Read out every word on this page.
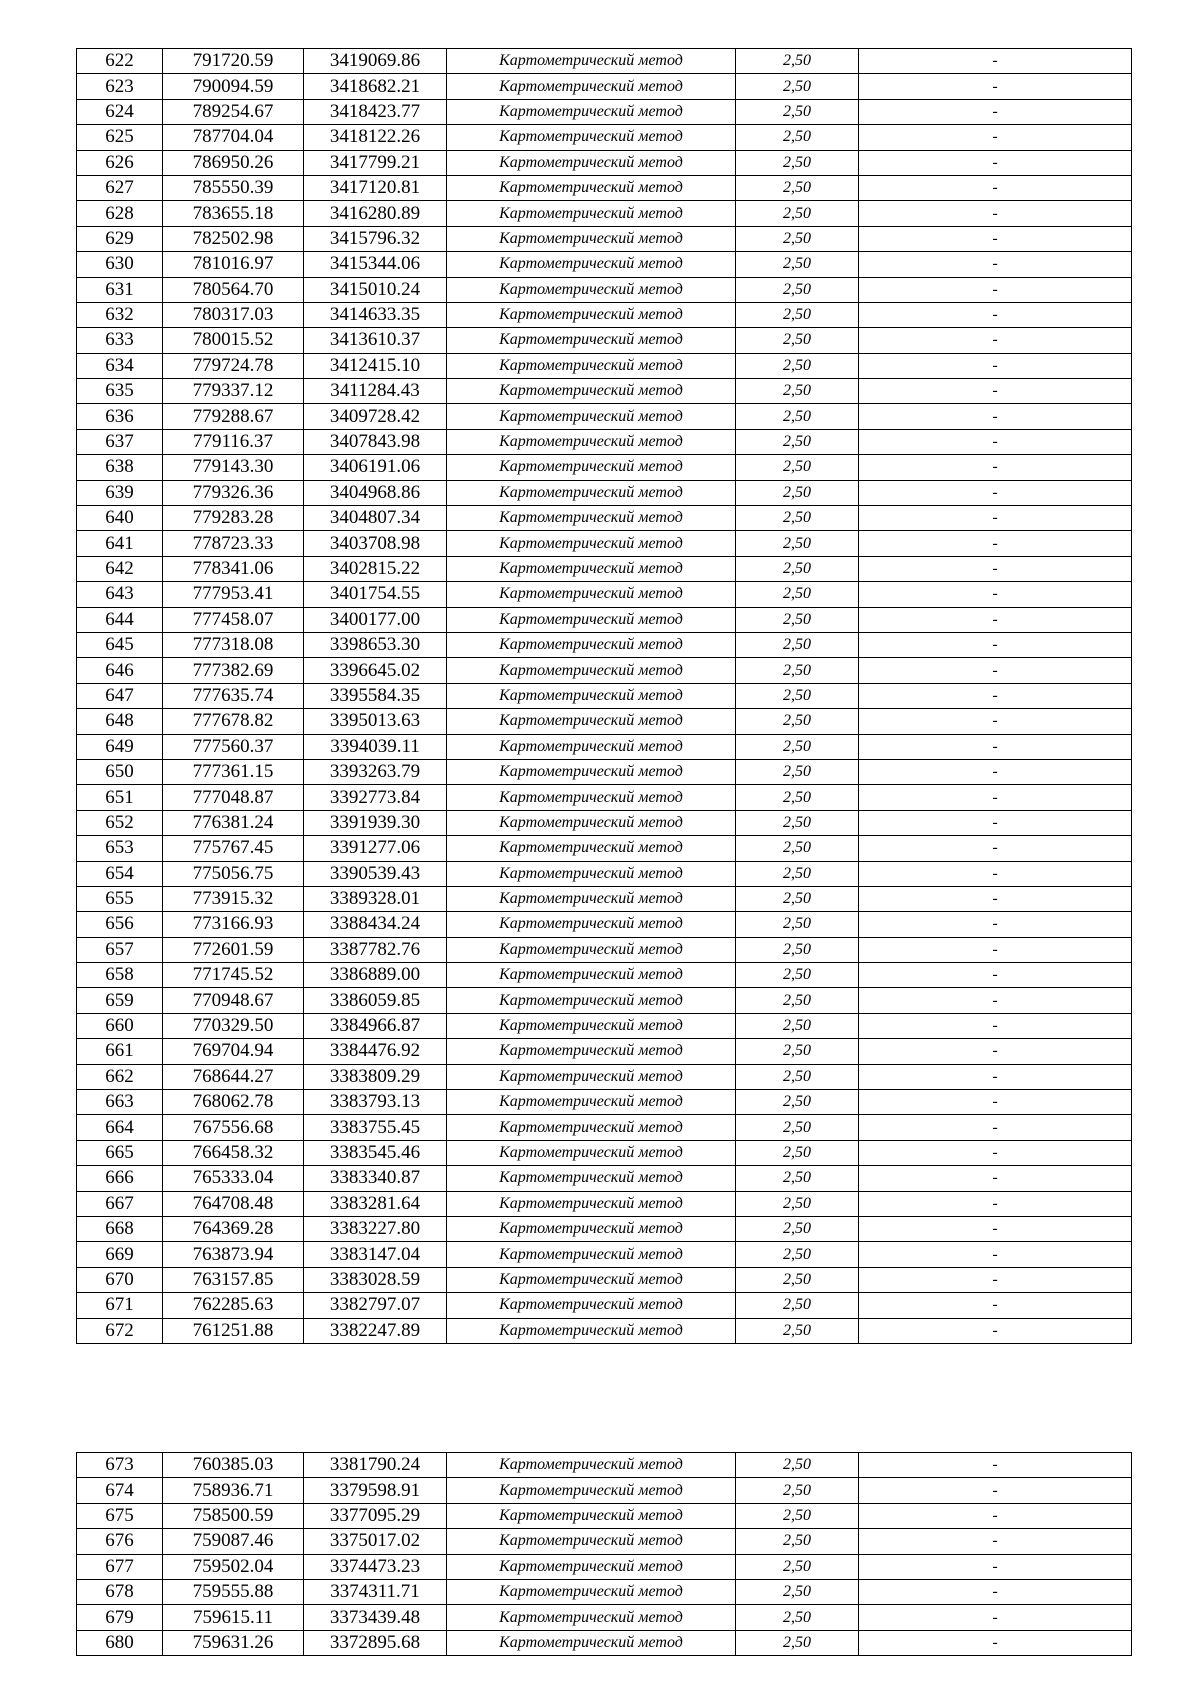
622	791720.59	3419069.86	Картометрический метод	2,50	-
623	790094.59	3418682.21	Картометрический метод	2,50	-
624	789254.67	3418423.77	Картометрический метод	2,50	-
625	787704.04	3418122.26	Картометрический метод	2,50	-
626	786950.26	3417799.21	Картометрический метод	2,50	-
627	785550.39	3417120.81	Картометрический метод	2,50	-
628	783655.18	3416280.89	Картометрический метод	2,50	-
629	782502.98	3415796.32	Картометрический метод	2,50	-
630	781016.97	3415344.06	Картометрический метод	2,50	-
631	780564.70	3415010.24	Картометрический метод	2,50	-
632	780317.03	3414633.35	Картометрический метод	2,50	-
633	780015.52	3413610.37	Картометрический метод	2,50	-
634	779724.78	3412415.10	Картометрический метод	2,50	-
635	779337.12	3411284.43	Картометрический метод	2,50	-
636	779288.67	3409728.42	Картометрический метод	2,50	-
637	779116.37	3407843.98	Картометрический метод	2,50	-
638	779143.30	3406191.06	Картометрический метод	2,50	-
639	779326.36	3404968.86	Картометрический метод	2,50	-
640	779283.28	3404807.34	Картометрический метод	2,50	-
641	778723.33	3403708.98	Картометрический метод	2,50	-
642	778341.06	3402815.22	Картометрический метод	2,50	-
643	777953.41	3401754.55	Картометрический метод	2,50	-
644	777458.07	3400177.00	Картометрический метод	2,50	-
645	777318.08	3398653.30	Картометрический метод	2,50	-
646	777382.69	3396645.02	Картометрический метод	2,50	-
647	777635.74	3395584.35	Картометрический метод	2,50	-
648	777678.82	3395013.63	Картометрический метод	2,50	-
649	777560.37	3394039.11	Картометрический метод	2,50	-
650	777361.15	3393263.79	Картометрический метод	2,50	-
651	777048.87	3392773.84	Картометрический метод	2,50	-
652	776381.24	3391939.30	Картометрический метод	2,50	-
653	775767.45	3391277.06	Картометрический метод	2,50	-
654	775056.75	3390539.43	Картометрический метод	2,50	-
655	773915.32	3389328.01	Картометрический метод	2,50	-
656	773166.93	3388434.24	Картометрический метод	2,50	-
657	772601.59	3387782.76	Картометрический метод	2,50	-
658	771745.52	3386889.00	Картометрический метод	2,50	-
659	770948.67	3386059.85	Картометрический метод	2,50	-
660	770329.50	3384966.87	Картометрический метод	2,50	-
661	769704.94	3384476.92	Картометрический метод	2,50	-
662	768644.27	3383809.29	Картометрический метод	2,50	-
663	768062.78	3383793.13	Картометрический метод	2,50	-
664	767556.68	3383755.45	Картометрический метод	2,50	-
665	766458.32	3383545.46	Картометрический метод	2,50	-
666	765333.04	3383340.87	Картометрический метод	2,50	-
667	764708.48	3383281.64	Картометрический метод	2,50	-
668	764369.28	3383227.80	Картометрический метод	2,50	-
669	763873.94	3383147.04	Картометрический метод	2,50	-
670	763157.85	3383028.59	Картометрический метод	2,50	-
671	762285.63	3382797.07	Картометрический метод	2,50	-
672	761251.88	3382247.89	Картометрический метод	2,50	-
673	760385.03	3381790.24	Картометрический метод	2,50	-
674	758936.71	3379598.91	Картометрический метод	2,50	-
675	758500.59	3377095.29	Картометрический метод	2,50	-
676	759087.46	3375017.02	Картометрический метод	2,50	-
677	759502.04	3374473.23	Картометрический метод	2,50	-
678	759555.88	3374311.71	Картометрический метод	2,50	-
679	759615.11	3373439.48	Картометрический метод	2,50	-
680	759631.26	3372895.68	Картометрический метод	2,50	-
